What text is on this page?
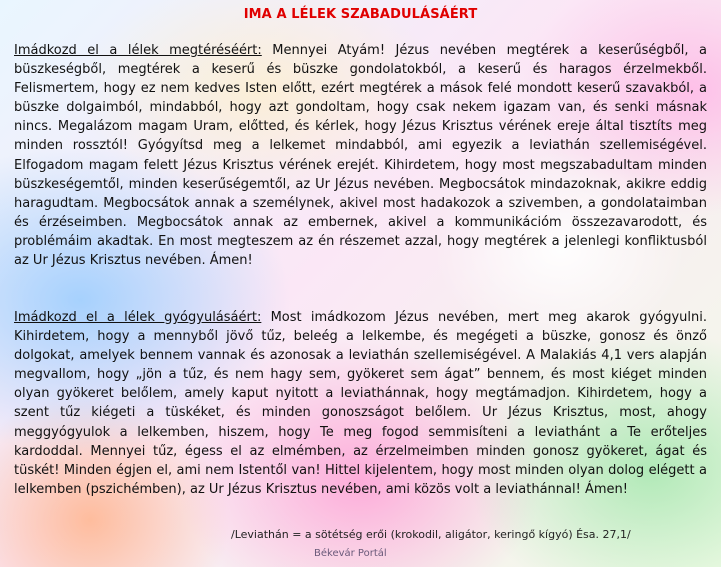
IMA A LÉLEK SZABADULÁSÁÉRT
Imádkozd el a lélek megtéréséért: Mennyei Atyám! Jézus nevében megtérek a keserűségből, a büszkeségből, megtérek a keserű és büszke gondolatokból, a keserű és haragos érzelmekből. Felismertem, hogy ez nem kedves Isten előtt, ezért megtérek a mások felé mondott keserű szavakból, a büszke dolgaimból, mindabból, hogy azt gondoltam, hogy csak nekem igazam van, és senki másnak nincs. Megalázom magam Uram, előtted, és kérlek, hogy Jézus Krisztus vérének ereje által tisztíts meg minden rossztól! Gyógyítsd meg a lelkemet mindabból, ami egyezik a leviathán szellemiségével. Elfogadom magam felett Jézus Krisztus vérének erejét. Kihirdetem, hogy most megszabadultam minden büszkeségemtől, minden keserűségemtől, az Ur Jézus nevében. Megbocsátok mindazoknak, akikre eddig haragudtam. Megbocsátok annak a személynek, akivel most hadakozok a szivemben, a gondolataimban és érzéseimben. Megbocsátok annak az embernek, akivel a kommunikációm összezavarodott, és problémáim akadtak. En most megteszem az én részemet azzal, hogy megtérek a jelenlegi konfliktusból az Ur Jézus Krisztus nevében. Ámen!
Imádkozd el a lélek gyógyulásáért: Most imádkozom Jézus nevében, mert meg akarok gyógyulni. Kihirdetem, hogy a mennyből jövő tűz, beleég a lelkembe, és megégeti a büszke, gonosz és önző dolgokat, amelyek bennem vannak és azonosak a leviathán szellemiségével. A Malakiás 4,1 vers alapján megvallom, hogy „jön a tűz, és nem hagy sem, gyökeret sem ágat” bennem, és most kiéget minden olyan gyökeret belőlem, amely kaput nyitott a leviathánnak, hogy megtámadjon. Kihirdetem, hogy a szent tűz kiégeti a tüskéket, és minden gonoszságot belőlem. Ur Jézus Krisztus, most, ahogy meggyógyulok a lelkemben, hiszem, hogy Te meg fogod semmisíteni a leviathánt a Te erőteljes kardoddal. Mennyei tűz, égess el az elmémben, az érzelmeimben minden gonosz gyökeret, ágat és tüskét! Minden égjen el, ami nem Istentől van! Hittel kijelentem, hogy most minden olyan dolog elégett a lelkemben (pszichémben), az Ur Jézus Krisztus nevében, ami közös volt a leviathánnal! Ámen!
/Leviathán = a sötétség erői (krokodil, aligátor, keringő kígyó) Ésa. 27,1/
Békevár Portál
